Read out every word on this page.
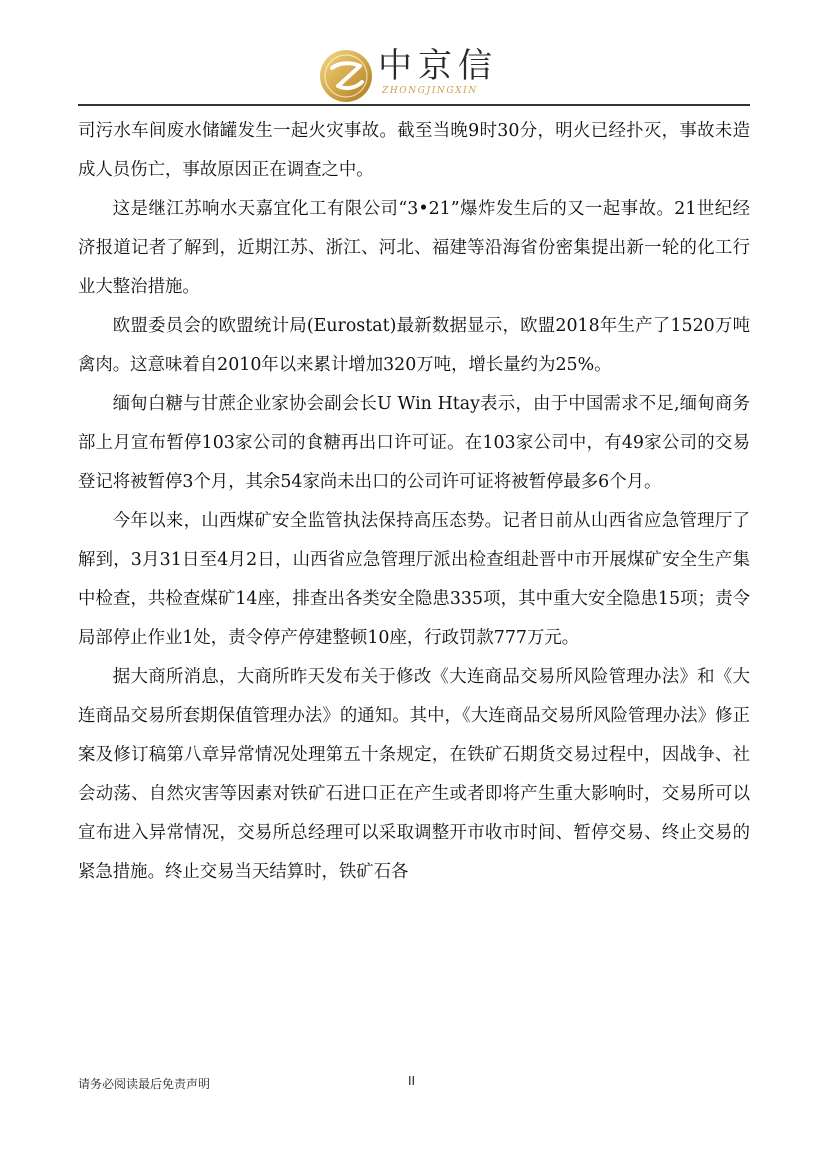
中京信
ZHONGJINGXIN

司污水车间废水储罐发生一起火灾事故。截至当晚9时30分，明火已经扑灭，事故未造成人员伤亡，事故原因正在调查之中。

这是继江苏响水天嘉宜化工有限公司“3•21”爆炸发生后的又一起事故。21世纪经济报道记者了解到，近期江苏、浙江、河北、福建等沿海省份密集提出新一轮的化工行业大整治措施。

欧盟委员会的欧盟统计局(Eurostat)最新数据显示，欧盟2018年生产了1520万吨禽肉。这意味着自2010年以来累计增加320万吨，增长量约为25%。

缅甸白糖与甘蔗企业家协会副会长U Win Htay表示，由于中国需求不足,缅甸商务部上月宣布暂停103家公司的食糖再出口许可证。在103家公司中，有49家公司的交易登记将被暂停3个月，其余54家尚未出口的公司许可证将被暂停最多6个月。

今年以来，山西煤矿安全监管执法保持高压态势。记者日前从山西省应急管理厅了解到，3月31日至4月2日，山西省应急管理厅派出检查组赴晋中市开展煤矿安全生产集中检查，共检查煤矿14座，排查出各类安全隐患335项，其中重大安全隐患15项；责令局部停止作业1处，责令停产停建整顿10座，行政罚款777万元。

据大商所消息，大商所昨天发布关于修改《大连商品交易所风险管理办法》和《大连商品交易所套期保值管理办法》的通知。其中，《大连商品交易所风险管理办法》修正案及修订稿第八章异常情况处理第五十条规定，在铁矿石期货交易过程中，因战争、社会动荡、自然灾害等因素对铁矿石进口正在产生或者即将产生重大影响时，交易所可以宣布进入异常情况，交易所总经理可以采取调整开市收市时间、暂停交易、终止交易的紧急措施。终止交易当天结算时，铁矿石各

请务必阅读最后免责声明	II
